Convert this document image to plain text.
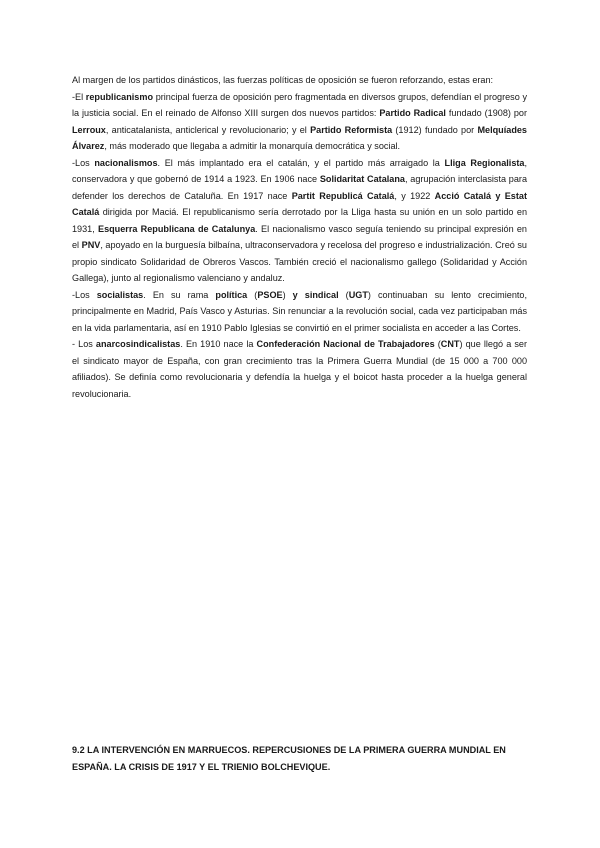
Al margen de los partidos dinásticos, las fuerzas políticas de oposición se fueron reforzando, estas eran:

-El republicanismo principal fuerza de oposición pero fragmentada en diversos grupos, defendían el progreso y la justicia social. En el reinado de Alfonso XIII surgen dos nuevos partidos: Partido Radical fundado (1908) por Lerroux, anticatalanista, anticlerical y revolucionario; y el Partido Reformista (1912) fundado por Melquíades Álvarez, más moderado que llegaba a admitir la monarquía democrática y social.

-Los nacionalismos. El más implantado era el catalán, y el partido más arraigado la Lliga Regionalista, conservadora y que gobernó de 1914 a 1923. En 1906 nace Solidaritat Catalana, agrupación interclasista para defender los derechos de Cataluña. En 1917 nace Partit Republicá Catalá, y 1922 Acció Catalá y Estat Catalá dirigida por Maciá. El republicanismo sería derrotado por la Lliga hasta su unión en un solo partido en 1931, Esquerra Republicana de Catalunya. El nacionalismo vasco seguía teniendo su principal expresión en el PNV, apoyado en la burguesía bilbaína, ultraconservadora y recelosa del progreso e industrialización. Creó su propio sindicato Solidaridad de Obreros Vascos. También creció el nacionalismo gallego (Solidaridad y Acción Gallega), junto al regionalismo valenciano y andaluz.

-Los socialistas. En su rama política (PSOE) y sindical (UGT) continuaban su lento crecimiento, principalmente en Madrid, País Vasco y Asturias. Sin renunciar a la revolución social, cada vez participaban más en la vida parlamentaria, así en 1910 Pablo Iglesias se convirtió en el primer socialista en acceder a las Cortes.

- Los anarcosindicalistas. En 1910 nace la Confederación Nacional de Trabajadores (CNT) que llegó a ser el sindicato mayor de España, con gran crecimiento tras la Primera Guerra Mundial (de 15 000 a 700 000 afiliados). Se definía como revolucionaria y defendía la huelga y el boicot hasta proceder a la huelga general revolucionaria.

9.2 LA INTERVENCIÓN EN MARRUECOS. REPERCUSIONES DE LA PRIMERA GUERRA MUNDIAL EN ESPAÑA. LA CRISIS DE 1917 Y EL TRIENIO BOLCHEVIQUE.
